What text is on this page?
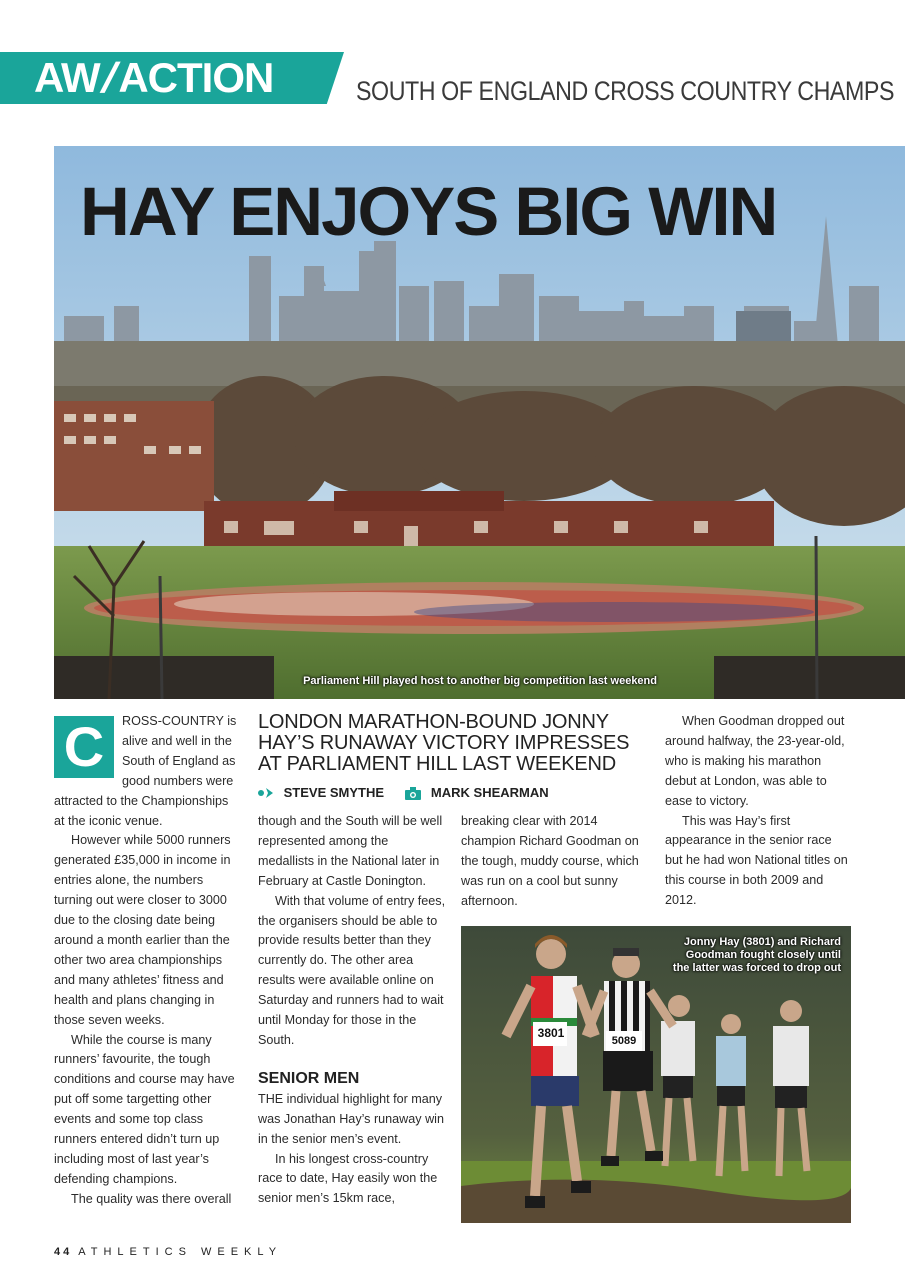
AW/ACTION	SOUTH OF ENGLAND CROSS COUNTRY CHAMPS
HAY ENJOYS BIG WIN
Parliament Hill played host to another big competition last weekend
C	ROSS-COUNTRY is alive and well in the South of England as good numbers were attracted to the Championships at the iconic venue.

However while 5000 runners generated £35,000 in income in entries alone, the numbers turning out were closer to 3000 due to the closing date being around a month earlier than the other two area championships and many athletes’ fitness and health and plans changing in those seven weeks.

While the course is many runners’ favourite, the tough conditions and course may have put off some targetting other events and some top class runners entered didn’t turn up including most of last year’s defending champions.

The quality was there overall

LONDON MARATHON-BOUND JONNY HAY’S RUNAWAY VICTORY IMPRESSES AT PARLIAMENT HILL LAST WEEKEND
STEVE SMYTHE	MARK SHEARMAN

though and the South will be well represented among the medallists in the National later in February at Castle Donington.

With that volume of entry fees, the organisers should be able to provide results better than they currently do. The other area results were available online on Saturday and runners had to wait until Monday for those in the South.

SENIOR MEN

THE individual highlight for many was Jonathan Hay’s runaway win in the senior men’s event.

In his longest cross-country race to date, Hay easily won the senior men’s 15km race,

breaking clear with 2014 champion Richard Goodman on the tough, muddy course, which was run on a cool but sunny afternoon.

When Goodman dropped out around halfway, the 23-year-old, who is making his marathon debut at London, was able to ease to victory.

This was Hay’s first appearance in the senior race but he had won National titles on this course in both 2009 and 2012.

3801
5089
Jonny Hay (3801) and Richard Goodman fought closely until the latter was forced to drop out
44 ATHLETICS WEEKLY
